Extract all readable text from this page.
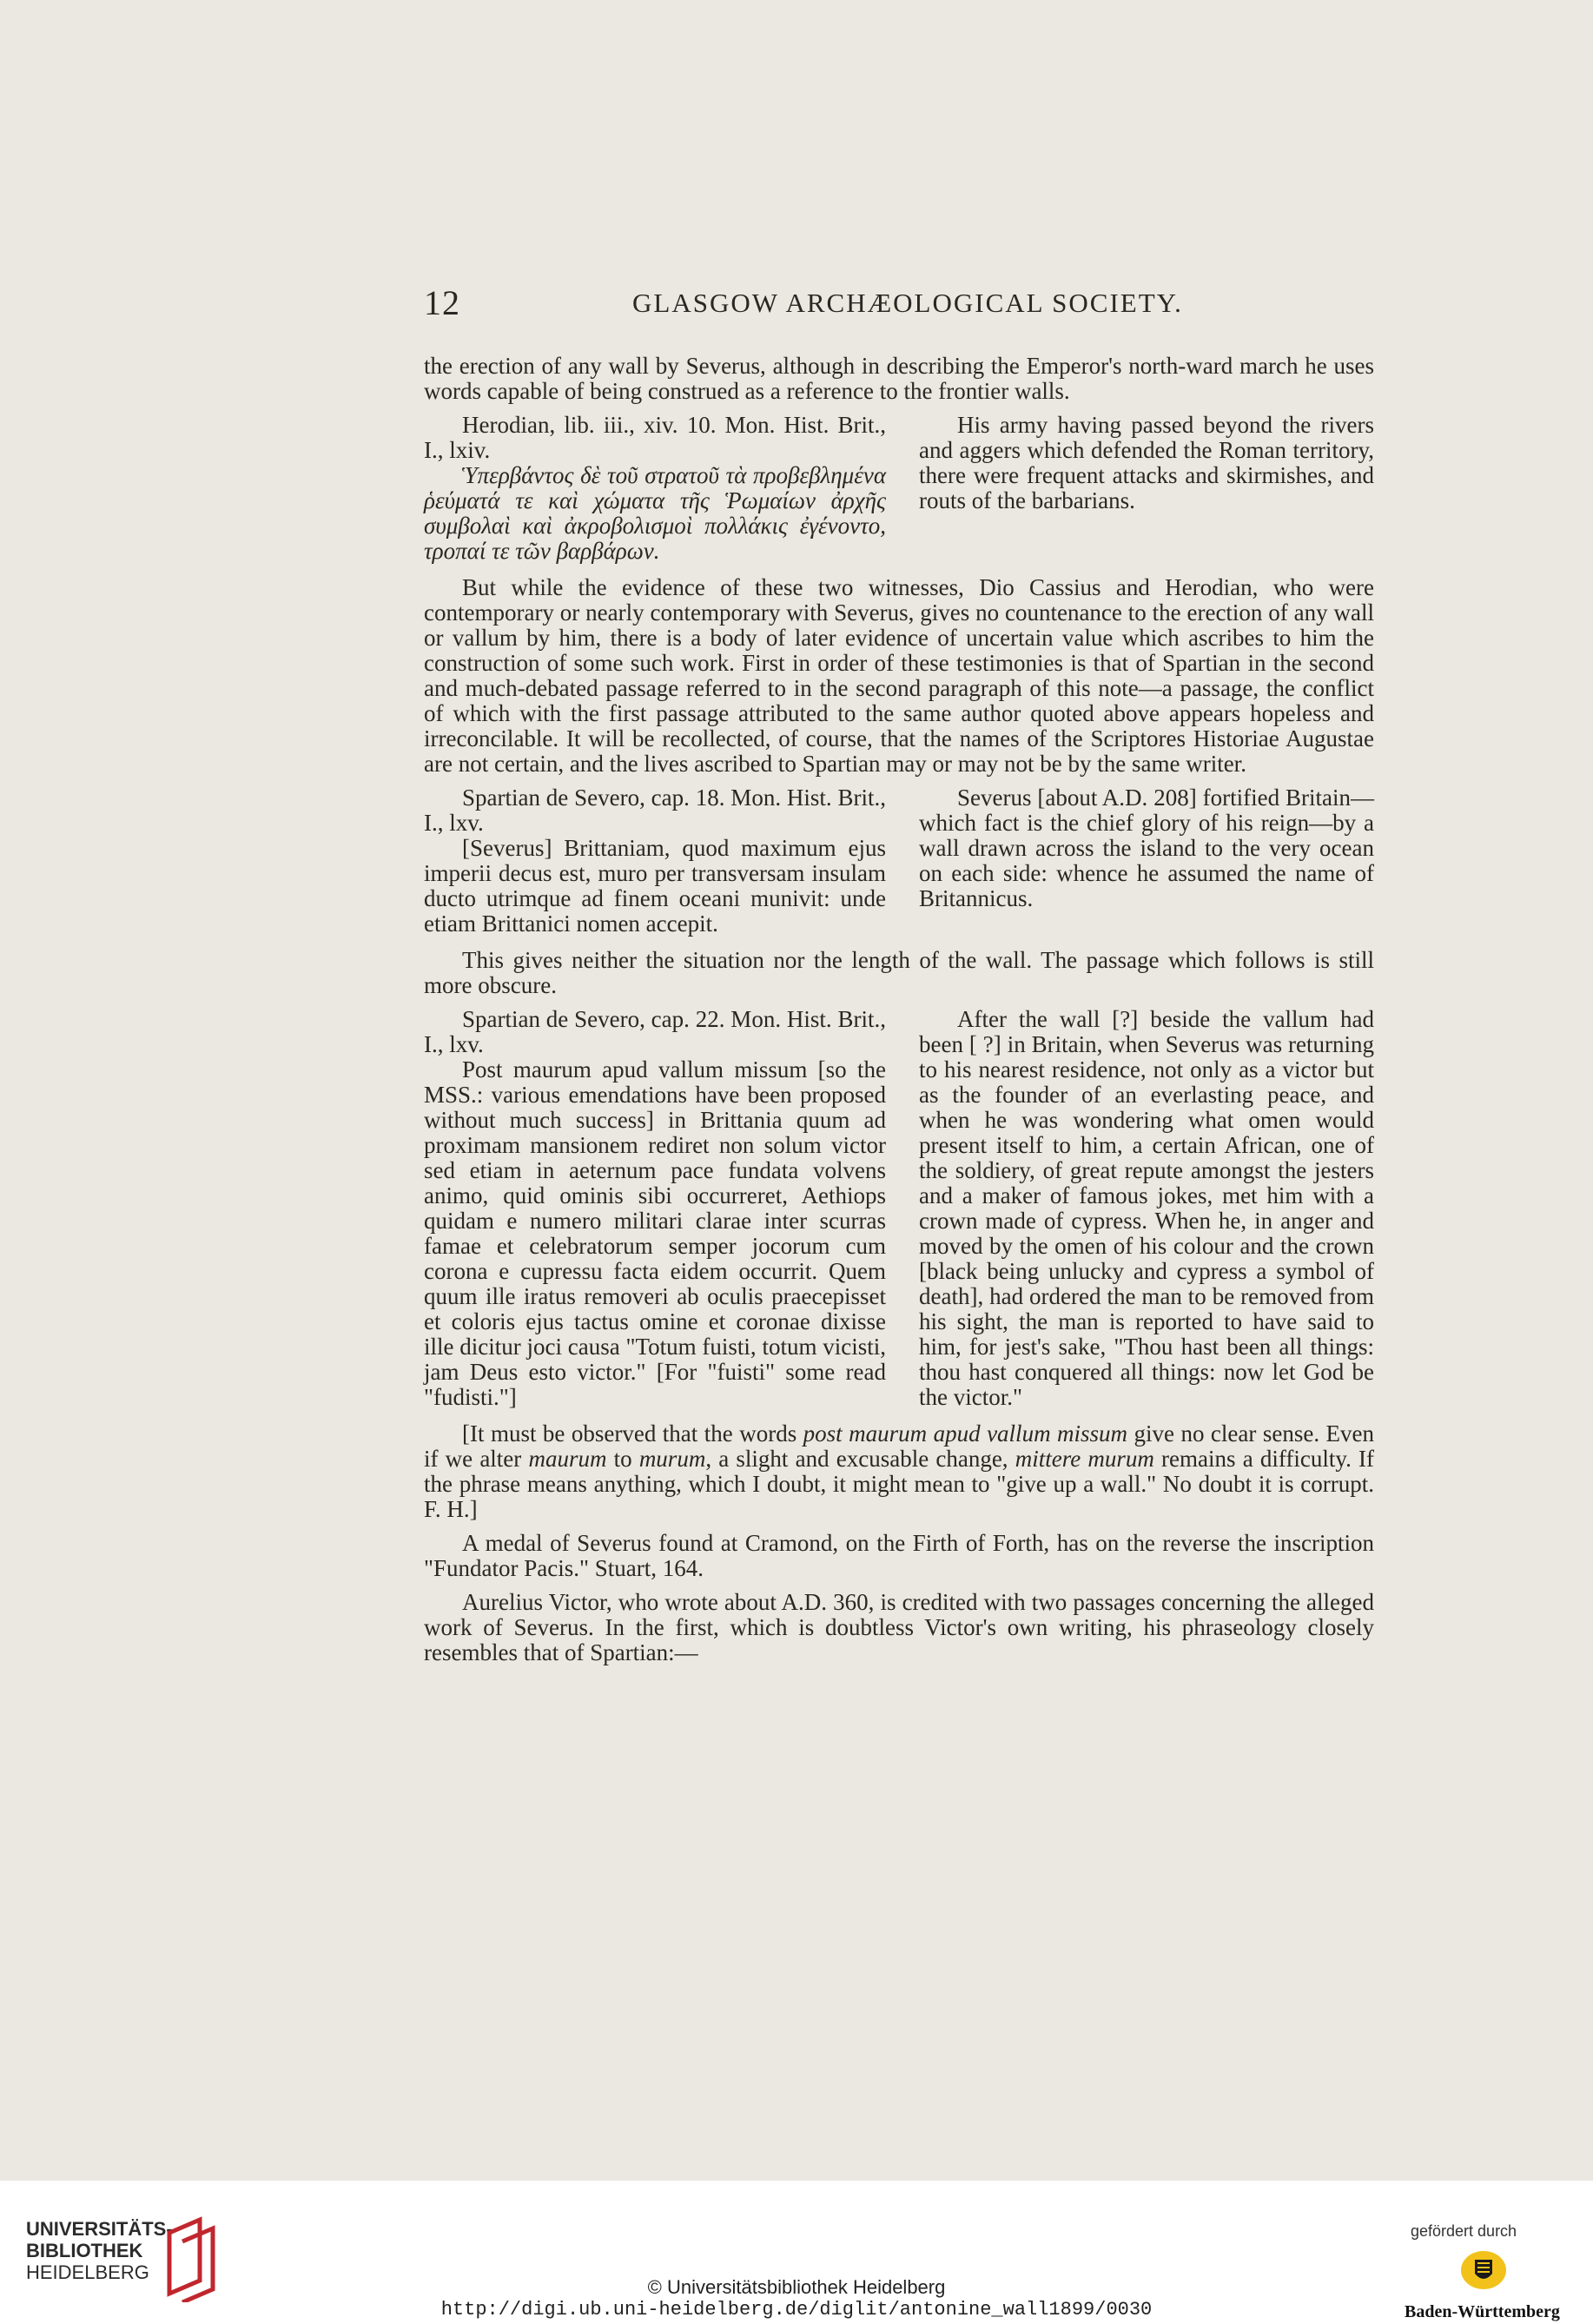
12	GLASGOW ARCHÆOLOGICAL SOCIETY.

the erection of any wall by Severus, although in describing the Emperor's north-ward march he uses words capable of being construed as a reference to the frontier walls.

Herodian, lib. iii., xiv. 10. Mon. Hist. Brit., I., lxiv.

Ὑπερβάντος δὲ τοῦ στρατοῦ τὰ προβεβλημένα ῥεύματά τε καὶ χώματα τῆς Ῥωμαίων ἀρχῆς συμβολαὶ καὶ ἀκροβολισμοὶ πολλάκις ἐγένοντο, τροπαί τε τῶν βαρβάρων.

His army having passed beyond the rivers and aggers which defended the Roman territory, there were frequent attacks and skirmishes, and routs of the barbarians.

But while the evidence of these two witnesses, Dio Cassius and Herodian, who were contemporary or nearly contemporary with Severus, gives no countenance to the erection of any wall or vallum by him, there is a body of later evidence of uncertain value which ascribes to him the construction of some such work. First in order of these testimonies is that of Spartian in the second and much-debated passage referred to in the second paragraph of this note—a passage, the conflict of which with the first passage attributed to the same author quoted above appears hopeless and irreconcilable. It will be recollected, of course, that the names of the Scriptores Historiae Augustae are not certain, and the lives ascribed to Spartian may or may not be by the same writer.

Spartian de Severo, cap. 18. Mon. Hist. Brit., I., lxv.

[Severus] Brittaniam, quod maximum ejus imperii decus est, muro per transversam insulam ducto utrimque ad finem oceani munivit: unde etiam Brittanici nomen accepit.

Severus [about A.D. 208] fortified Britain—which fact is the chief glory of his reign—by a wall drawn across the island to the very ocean on each side: whence he assumed the name of Britannicus.

This gives neither the situation nor the length of the wall. The passage which follows is still more obscure.

Spartian de Severo, cap. 22. Mon. Hist. Brit., I., lxv.

Post maurum apud vallum missum [so the MSS.: various emendations have been proposed without much success] in Brittania quum ad proximam mansionem rediret non solum victor sed etiam in aeternum pace fundata volvens animo, quid ominis sibi occurreret, Aethiops quidam e numero militari clarae inter scurras famae et celebratorum semper jocorum cum corona e cupressu facta eidem occurrit. Quem quum ille iratus removeri ab oculis praecepisset et coloris ejus tactus omine et coronae dixisse ille dicitur joci causa "Totum fuisti, totum vicisti, jam Deus esto victor." [For "fuisti" some read "fudisti."]

After the wall [?] beside the vallum had been [ ?] in Britain, when Severus was returning to his nearest residence, not only as a victor but as the founder of an everlasting peace, and when he was wondering what omen would present itself to him, a certain African, one of the soldiery, of great repute amongst the jesters and a maker of famous jokes, met him with a crown made of cypress. When he, in anger and moved by the omen of his colour and the crown [black being unlucky and cypress a symbol of death], had ordered the man to be removed from his sight, the man is reported to have said to him, for jest's sake, "Thou hast been all things: thou hast conquered all things: now let God be the victor."

[It must be observed that the words post maurum apud vallum missum give no clear sense. Even if we alter maurum to murum, a slight and excusable change, mittere murum remains a difficulty. If the phrase means anything, which I doubt, it might mean to "give up a wall." No doubt it is corrupt. F. H.]

A medal of Severus found at Cramond, on the Firth of Forth, has on the reverse the inscription "Fundator Pacis." Stuart, 164.

Aurelius Victor, who wrote about A.D. 360, is credited with two passages concerning the alleged work of Severus. In the first, which is doubtless Victor's own writing, his phraseology closely resembles that of Spartian:—

UNIVERSITÄTS-
BIBLIOTHEK
HEIDELBERG
© Universitätsbibliothek Heidelberg
http://digi.ub.uni-heidelberg.de/diglit/antonine_wall1899/0030
gefördert durch
Baden-Württemberg
